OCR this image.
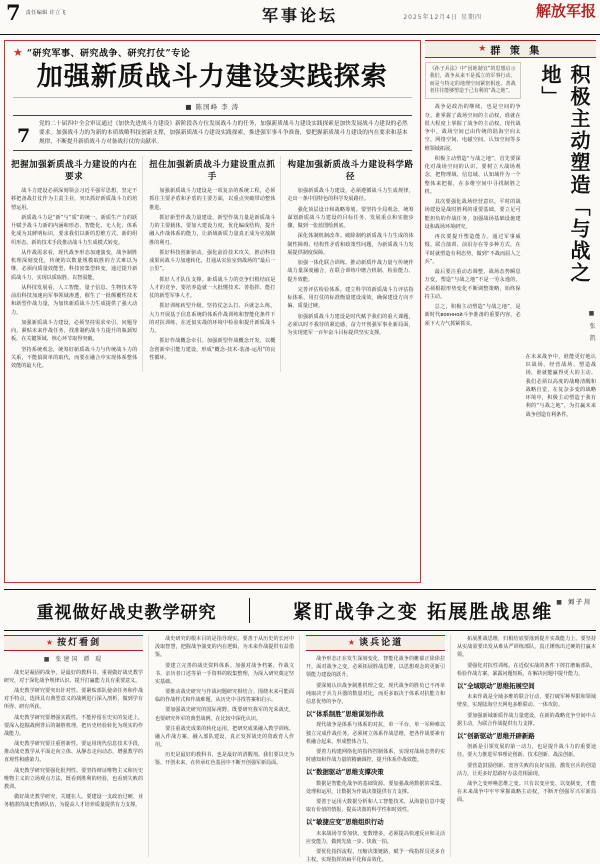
7 责任编辑 许立飞	军事论坛	2025年12月4日 星期四	解放军报
★ “研究军事、研究战争、研究打仗”专论
加强新质战斗力建设实践探索
■ 陈国峰 李 涛
7
党的二十届四中全会审议通过《加快先进战斗力建设》新阶段各方位发展战斗力的任务，加强新质战斗力建设实践探索是加快发展战斗力建设的必然要求。加强战斗力的为新的本质战略科技创新支撑，加强新质战斗力建设实践探索，推进强军事斗争准备，要把握新质战斗力建设的内在要求和基本规律，不断提升新质战斗力对备战打仗的贡献率。
把握加强新质战斗力建设的内在要求

战斗力建设必须深刻领会习近平强军思想，坚定不移把备战打仗作为主责主业，突出抓好新质战斗力的培塑运用。

新质战斗力是“新”与“质”的统一。新质生产力的跃升赋予战斗力新的内涵和形态，智能化、无人化、体系化成为其鲜明标识，要求我们以新的思维方式、新的组织形态、新的技术手段推动战斗力生成模式转变。

从作战需求看，现代战争形态加速演变，战争制胜机理深刻变化，传统的以数量规模取胜的方式难以为继，必须向质量效能型、科技密集型转变，通过提升新质战斗力，实现以质取胜、以智驭能。

从科技发展看，人工智能、量子信息、生物技术等前沿科技加速向军事领域渗透，催生了一批颠覆性技术和新型作战力量，为加快新质战斗力生成提供了强大动力。

加强新质战斗力建设，必须坚持需求牵引、问题导向，紧贴未来作战任务，找准制约战斗力提升的瓶颈短板，在关键领域、核心环节取得突破。

坚持系统观念，统筹好新质战斗力与传统战斗力的关系，不能搞简单的取代，而要在融合中实现体系整体效能的最大化。

扭住加强新质战斗力建设重点抓手

加强新质战斗力建设是一项复杂的系统工程，必须抓住主要矛盾和矛盾的主要方面，以重点突破带动整体推进。

抓好新型作战力量建设。新型作战力量是新质战斗力的主要载体，要加大建设力度，优化编成结构，提升融入作战体系的能力，让新域新质力量真正成为克敌制胜的利刃。

抓好科技创新驱动。强化前沿技术攻关，推动科技成果向战斗力加速转化，打通从实验室到战场的“最后一公里”。

抓好人才队伍支撑。新质战斗力的竞争归根结底是人才的竞争，要培养造就一大批懂技术、善指挥、能打仗的新型军事人才。

抓好训练转型升级。坚持仗怎么打、兵就怎么练，大力开展基于信息系统的体系作战训练和智能化条件下的对抗训练，在近似实战的环境中检验和提升新质战斗力。

抓好作战概念牵引。加强新型作战概念开发，以概念创新牵引能力建设，形成“概念-技术-装备-运用”的良性循环。

构建加强新质战斗力建设科学路径

加强新质战斗力建设，必须遵循战斗力生成规律，走出一条中国特色的科学发展路径。

强化顶层设计和战略筹划。要坚持全局观念，统筹谋划新质战斗力建设的目标任务、发展重点和实施步骤，做到一张蓝图绘到底。

深化体制机制改革。破除制约新质战斗力生成的体制性障碍、结构性矛盾和政策性问题，为新质战斗力发展提供制度保障。

加强一体化联合训练。推动新质作战力量与传统作战力量深度融合，在联合训练中磨合机制、检验能力、提升效能。

完善评估检验体系。建立科学的新质战斗力评估指标体系，用打仗的标准衡量建设成效，确保建设方向不偏、质量过硬。

加强新质战斗力建设是时代赋予我们的重大课题，必须以时不我待的紧迫感，奋力开创强军事业新局面，为实现建军一百年奋斗目标提供坚实支撑。

★ 群 策 集
《孙子兵法》中“因地制宜”的思想启示我们，战争从来不是孤立的军事行动，而是与特定的地理空间紧密相连。善战者往往能够塑造于己有利的“战之地”。

战争是政治的继续，也是空间的争夺。谁掌握了战场空间的主动权，谁就在很大程度上掌握了战争的主动权。现代战争中，战场空间已由传统的陆海空向太空、网络空间、电磁空间、认知空间等多维领域拓展。

积极主动塑造“与战之地”，首先要深化对战场空间的认识。要树立大战场观念，把物理域、信息域、认知域作为一个整体来把握，在多维空间中寻找制胜之机。

其次要强化战场经营意识。平时的战场建设是战时胜利的重要基础，要立足可能担负的作战任务，加强战场基础设施建设和战场环境研究。

再次要提升塑造能力。通过军事威慑、联合演训、前沿存在等多种方式，在平时就塑造有利态势，做到“不战而屈人之兵”。

最后要注重动态调整。战场态势瞬息万变，塑造“与战之地”不是一劳永逸的，必须根据形势变化不断调整策略，始终保持主动。

总之，积极主动塑造“与战之地”，是新时代военной斗争准备的重要内容，必须下大力气抓紧抓实。

积极主动塑造「与战之地」
■ 张 凯
在未来战争中，谁能更好地认识战场、经营战场、塑造战场，谁就能赢得更大的主动。我们必须以高度的战略清醒和战略自觉，在复杂多变的战略环境中，积极主动塑造于我有利的“与战之地”，为打赢未来战争创造有利条件。
重视做好战史教学研究	紧盯战争之变 拓展胜战思维 ■ 刘子川
★ 按灯看剑
■ 张建国 谭 琨

战史是凝固的战争，是最好的教科书。重视做好战史教学研究，对于深化战争规律认识、提升打赢能力具有重要意义。

战史教学研究要突出针对性。要紧贴部队使命任务和作战对手特点，选择具有典型意义的战例进行深入剖析，做到学有所得、研有所获。

战史教学研究要增强实践性。不能停留在史实的复述上，要深入挖掘战例背后的制胜机理，把历史经验转化为现实的作战能力。

战史教学研究要注重创新性。要运用现代信息技术手段，推动战史教学从平面走向立体、从静态走向动态，增强教学的直观性和感染力。

战史教学研究要强化批判性。要坚持辩证唯物主义和历史唯物主义的立场观点方法，既看到胜利的经验，也看到失败的教训。

做好战史教学研究，关键在人。要建设一支政治过硬、业务精湛的战史教研队伍，为提高人才培养质量提供有力支撑。

战史研究的根本目的是指导现实。要善于从历史的长河中汲取智慧，把握战争演变的内在逻辑，为未来作战提供有益借鉴。

要建立完善的战史资料体系。加强对战争档案、作战文书、亲历者口述等第一手资料的收集整理，为深入研究奠定坚实基础。

要推动战史研究与作战问题研究相结合。围绕未来可能面临的作战样式和作战难题，从历史中寻找答案和启示。

要加强战史研究的国际视野。既要研究我军的光荣战史，也要研究外军的典型战例，在比较中深化认识。

要注重战史成果的转化运用。把研究成果融入教学训练、融入作战方案、融入部队建设，真正发挥战史的资政育人作用。

历史是最好的教科书，也是最好的清醒剂。我们要以史为鉴、开创未来，在传承红色基因中不断开创强军新局面。

★ 谈兵论道

战争形态正在发生深刻变化，智能化战争的帷幕正徐徐拉开。面对战争之变，必须拓展胜战思维，以思想观念的更新引领能力建设的跃升。

要深刻认识战争制胜机理之变。现代战争的胜负已不再单纯取决于兵力兵器的数量对比，而更多取决于体系对抗能力和信息优势的争夺。

以“体系制胜”思维谋划作战

现代战争是体系与体系的对抗，单一平台、单一军种难以独立完成作战任务。必须树立体系作战思维，把各作战要素有机融合起来，形成整体合力。

要着力构建网络化的指挥控制体系，实现对战场态势的实时感知和作战力量的精确调控，提升体系作战效能。

以“数据驱动”思维支撑决策

数据是智能化战争的基础资源。要加强战场数据的采集、处理和运用，让数据为作战决策提供有力支撑。

要善于运用大数据分析和人工智能技术，从海量信息中提取有价值的情报，提高决策的科学性和时效性。

以“敏捷应变”思维组织行动

未来战场节奏加快、变数增多，必须提高快速反应和灵活应变能力，做到先敌一步、快敌一拍。

要优化指挥流程，压缩决策链路，赋予一线指挥员更多自主权，实现指挥的扁平化和高效化。

拓展胜战思维，归根结底要落到提升实战能力上。要坚持从实战需要出发从难从严训练部队，真正锤炼出过硬的打赢本领。

要强化对抗性训练。在近似实战的条件下摔打磨砺部队，检验作战方案，暴露问题短板，在解决问题中提升能力。

以“全域联动”思维拓展空间

未来作战是全域多维的联合行动，要打破军种界限和领域壁垒，实现陆海空天网电多维联动、一体攻防。

要加强新域新质作战力量建设，在新的战略竞争空间中占据主动，为联合作战提供有力支撑。

以“创新驱动”思维开辟新路

创新是引领发展的第一动力，也是提升战斗力的重要途径。要大力推进军事理论创新、技术创新、战法创新。

要营造鼓励创新、宽容失败的良好氛围，激发官兵的创造活力，让更多好思路好办法竞相涌现。

战争之变呼唤思维之变。只有以变应变、以变制变，才能在未来战争中牢牢掌握战略主动权，不断开创强军兴军新局面。
